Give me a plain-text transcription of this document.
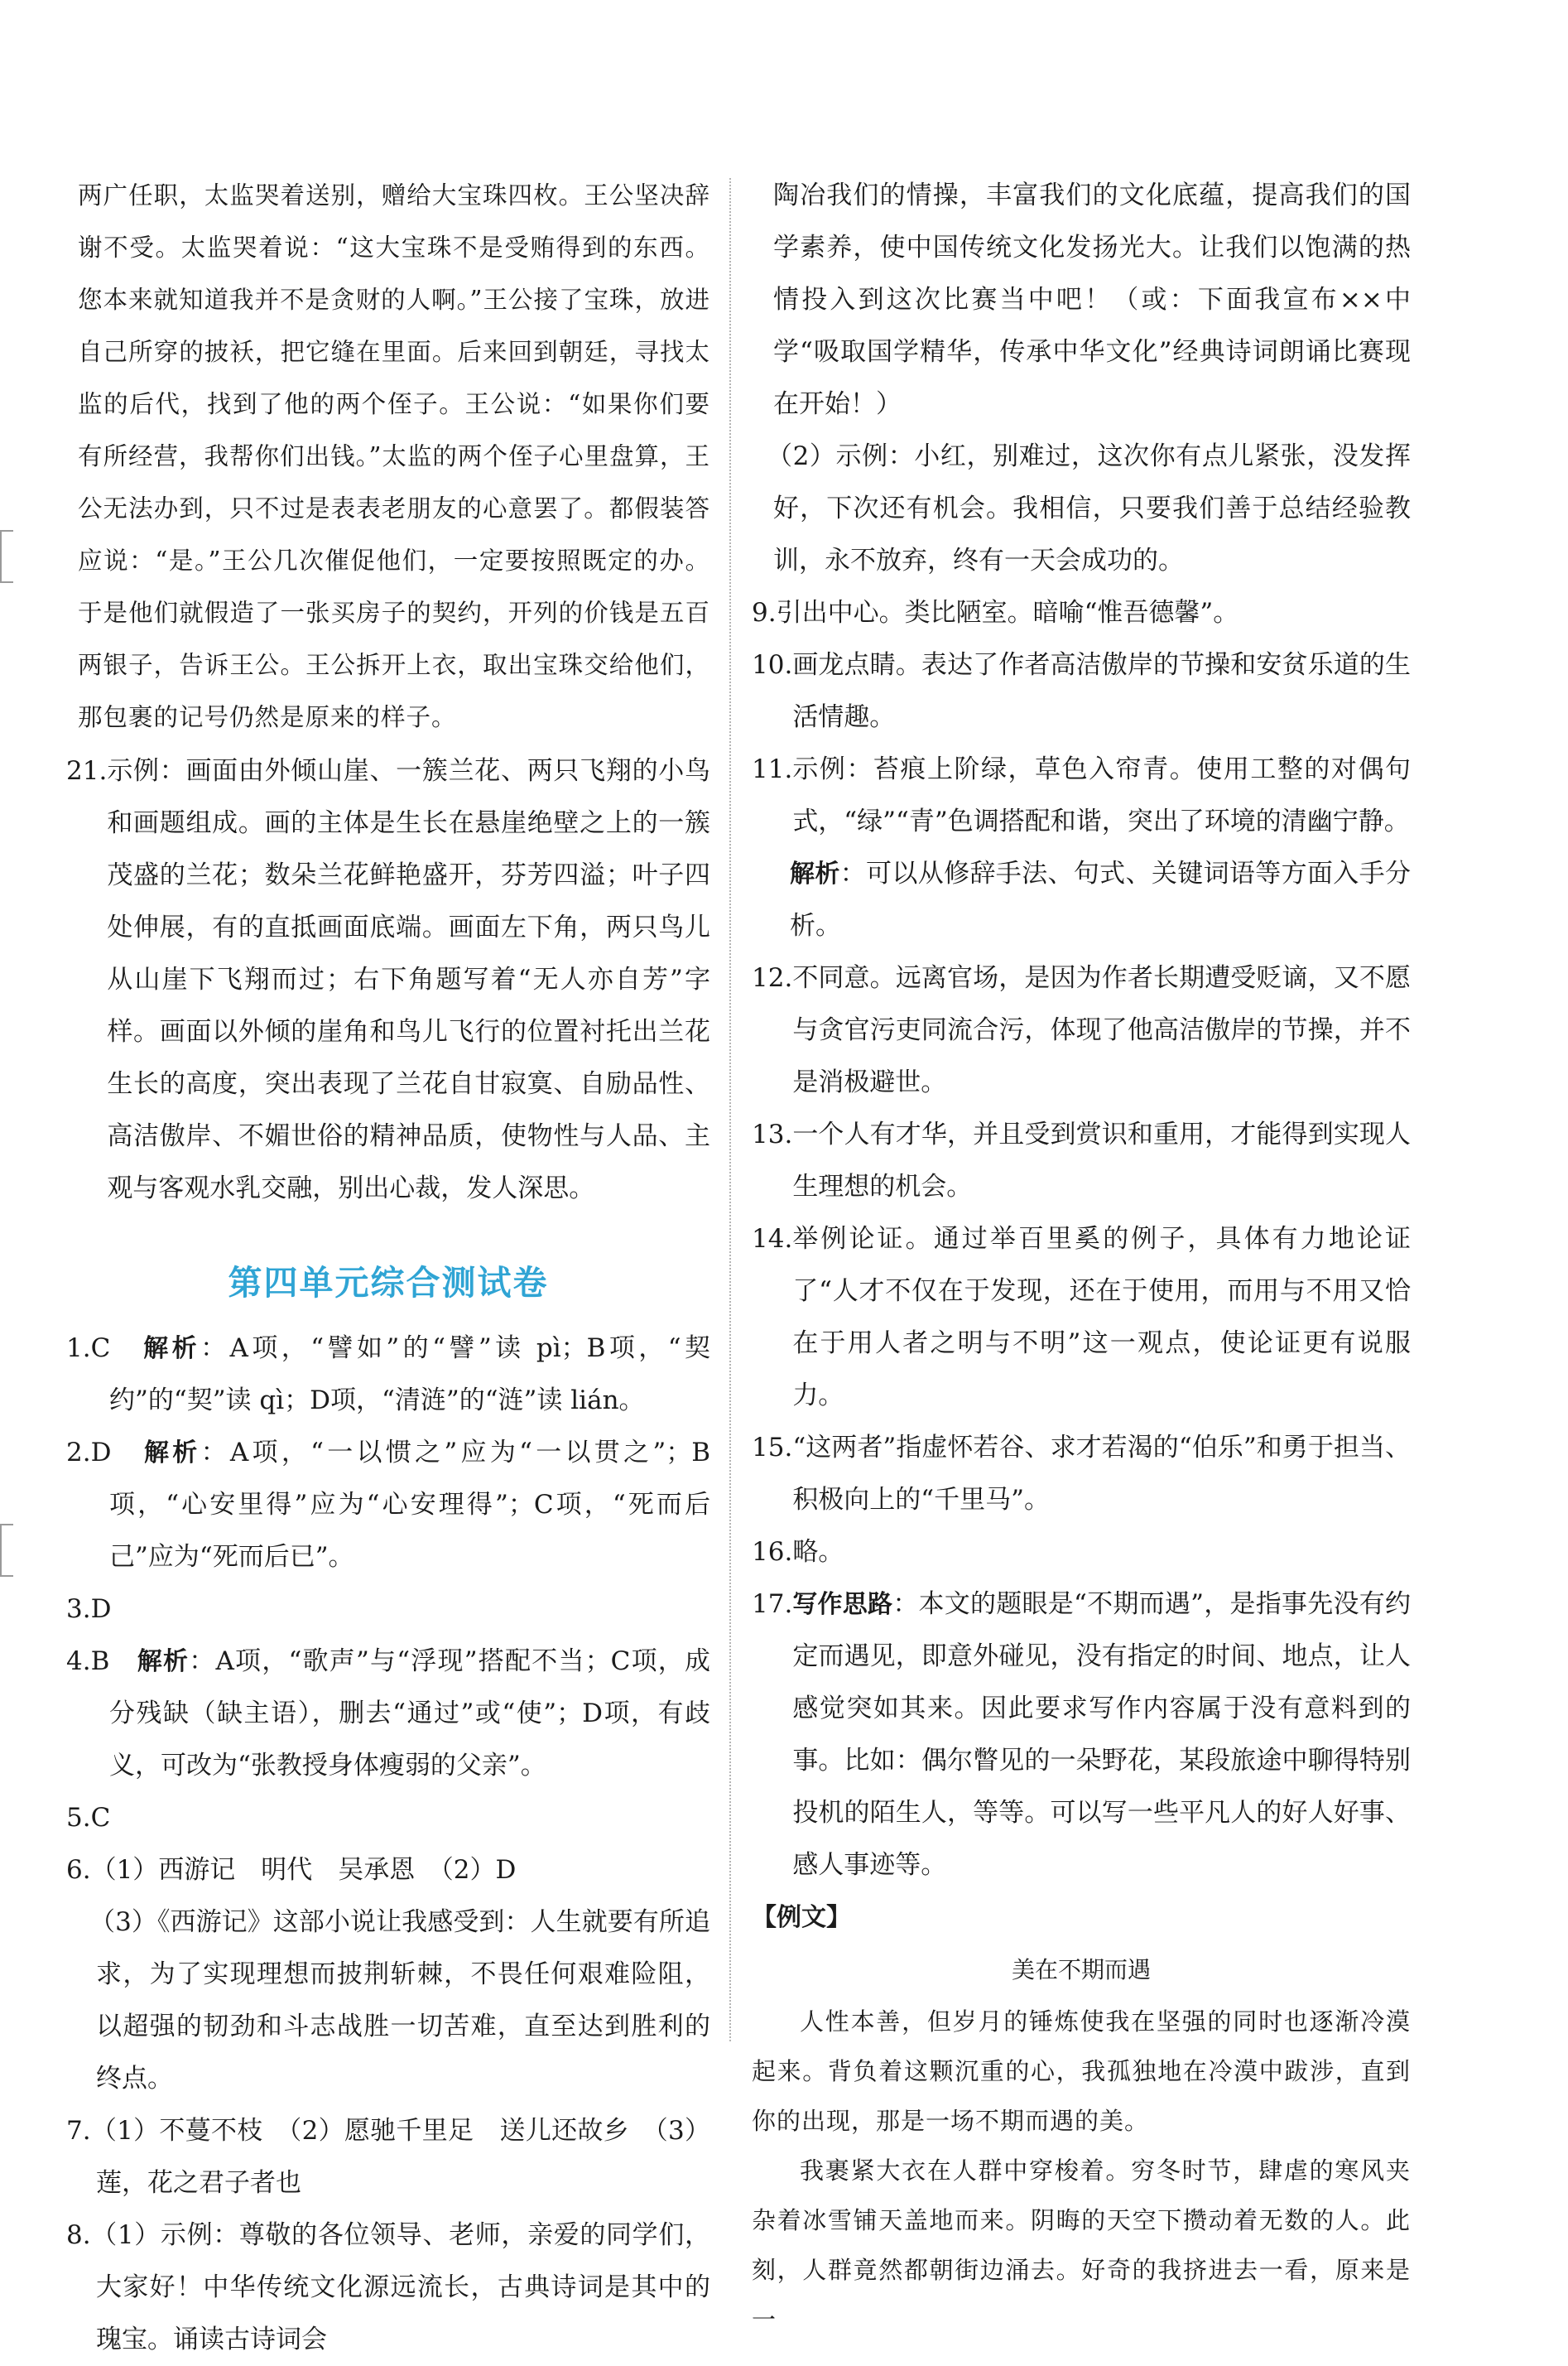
两广任职，太监哭着送别，赠给大宝珠四枚。王公坚决辞谢不受。太监哭着说：“这大宝珠不是受贿得到的东西。您本来就知道我并不是贪财的人啊。”王公接了宝珠，放进自己所穿的披袄，把它缝在里面。后来回到朝廷，寻找太监的后代，找到了他的两个侄子。王公说：“如果你们要有所经营，我帮你们出钱。”太监的两个侄子心里盘算，王公无法办到，只不过是表表老朋友的心意罢了。都假装答应说：“是。”王公几次催促他们，一定要按照既定的办。于是他们就假造了一张买房子的契约，开列的价钱是五百两银子，告诉王公。王公拆开上衣，取出宝珠交给他们，那包裹的记号仍然是原来的样子。

21. 示例：画面由外倾山崖、一簇兰花、两只飞翔的小鸟和画题组成。画的主体是生长在悬崖绝壁之上的一簇茂盛的兰花；数朵兰花鲜艳盛开，芬芳四溢；叶子四处伸展，有的直抵画面底端。画面左下角，两只鸟儿从山崖下飞翔而过；右下角题写着“无人亦自芳”字样。画面以外倾的崖角和鸟儿飞行的位置衬托出兰花生长的高度，突出表现了兰花自甘寂寞、自励品性、高洁傲岸、不媚世俗的精神品质，使物性与人品、主观与客观水乳交融，别出心裁，发人深思。
第四单元综合测试卷
1.C　 解析：A项，“譬如”的“譬”读 pì；B项，“契约”的“契”读 qì；D项，“清涟”的“涟”读 lián。
2.D　 解析：A项，“一以惯之”应为“一以贯之”；B项，“心安里得”应为“心安理得”；C项，“死而后己”应为“死而后已”。
3.D
4.B　 解析：A项，“歌声”与“浮现”搭配不当；C项，成分残缺（缺主语），删去“通过”或“使”；D项，有歧义，可改为“张教授身体瘦弱的父亲”。
5.C

6.（1）西游记　明代　吴承恩　（2）D

（3）《西游记》这部小说让我感受到：人生就要有所追求，为了实现理想而披荆斩棘，不畏任何艰难险阻，以超强的韧劲和斗志战胜一切苦难，直至达到胜利的终点。

7.（1）不蔓不枝　（2）愿驰千里足　送儿还故乡　（3）莲，花之君子者也

8.（1）示例：尊敬的各位领导、老师，亲爱的同学们，大家好！中华传统文化源远流长，古典诗词是其中的瑰宝。诵读古诗词会

陶冶我们的情操，丰富我们的文化底蕴，提高我们的国学素养，使中国传统文化发扬光大。让我们以饱满的热情投入到这次比赛当中吧！（或：下面我宣布××中学“吸取国学精华，传承中华文化”经典诗词朗诵比赛现在开始！）

（2）示例：小红，别难过，这次你有点儿紧张，没发挥好，下次还有机会。我相信，只要我们善于总结经验教训，永不放弃，终有一天会成功的。

9. 引出中心。类比陋室。暗喻“惟吾德馨”。
10. 画龙点睛。表达了作者高洁傲岸的节操和安贫乐道的生活情趣。
11. 示例：苔痕上阶绿，草色入帘青。使用工整的对偶句式，“绿”“青”色调搭配和谐，突出了环境的清幽宁静。

解析：可以从修辞手法、句式、关键词语等方面入手分析。

12. 不同意。远离官场，是因为作者长期遭受贬谪，又不愿与贪官污吏同流合污，体现了他高洁傲岸的节操，并不是消极避世。
13. 一个人有才华，并且受到赏识和重用，才能得到实现人生理想的机会。
14. 举例论证。通过举百里奚的例子，具体有力地论证了“人才不仅在于发现，还在于使用，而用与不用又恰在于用人者之明与不明”这一观点，使论证更有说服力。
15. “这两者”指虚怀若谷、求才若渴的“伯乐”和勇于担当、积极向上的“千里马”。
16. 略。
17. 写作思路：本文的题眼是“不期而遇”，是指事先没有约定而遇见，即意外碰见，没有指定的时间、地点，让人感觉突如其来。因此要求写作内容属于没有意料到的事。比如：偶尔瞥见的一朵野花，某段旅途中聊得特别投机的陌生人，等等。可以写一些平凡人的好人好事、感人事迹等。

【例文】

美在不期而遇

人性本善，但岁月的锤炼使我在坚强的同时也逐渐冷漠起来。背负着这颗沉重的心，我孤独地在冷漠中跋涉，直到你的出现，那是一场不期而遇的美。

我裹紧大衣在人群中穿梭着。穷冬时节，肆虐的寒风夹杂着冰雪铺天盖地而来。阴晦的天空下攒动着无数的人。此刻，人群竟然都朝街边涌去。好奇的我挤进去一看，原来是一
